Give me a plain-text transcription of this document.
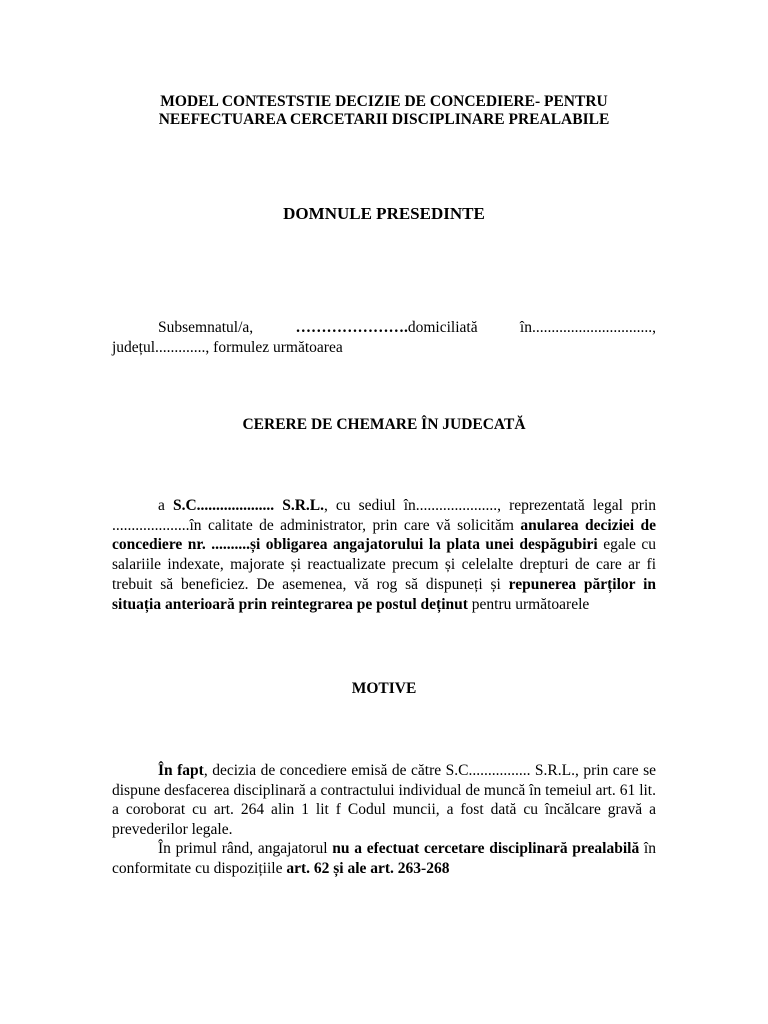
MODEL CONTESTSTIE DECIZIE DE CONCEDIERE- PENTRU
NEEFECTUAREA CERCETARII DISCIPLINARE PREALABILE
DOMNULE PRESEDINTE
Subsemnatul/a, ………………….domiciliată în..............................., județul............., formulez următoarea
CERERE DE CHEMARE ÎN JUDECATĂ
a S.C.................... S.R.L., cu sediul în....................., reprezentată legal prin ....................în calitate de administrator, prin care vă solicităm anularea deciziei de concediere nr. ..........și obligarea angajatorului la plata unei despăgubiri egale cu salariile indexate, majorate și reactualizate precum și celelalte drepturi de care ar fi trebuit să beneficiez. De asemenea, vă rog să dispuneți și repunerea părților in situația anterioară prin reintegrarea pe postul deținut pentru următoarele
MOTIVE
În fapt, decizia de concediere emisă de către S.C................ S.R.L., prin care se dispune desfacerea disciplinară a contractului individual de muncă în temeiul art. 61 lit. a coroborat cu art. 264 alin 1 lit f Codul muncii, a fost dată cu încălcare gravă a prevederilor legale.
În primul rând, angajatorul nu a efectuat cercetare disciplinară prealabilă în conformitate cu dispozițiile art. 62 și ale art. 263-268
